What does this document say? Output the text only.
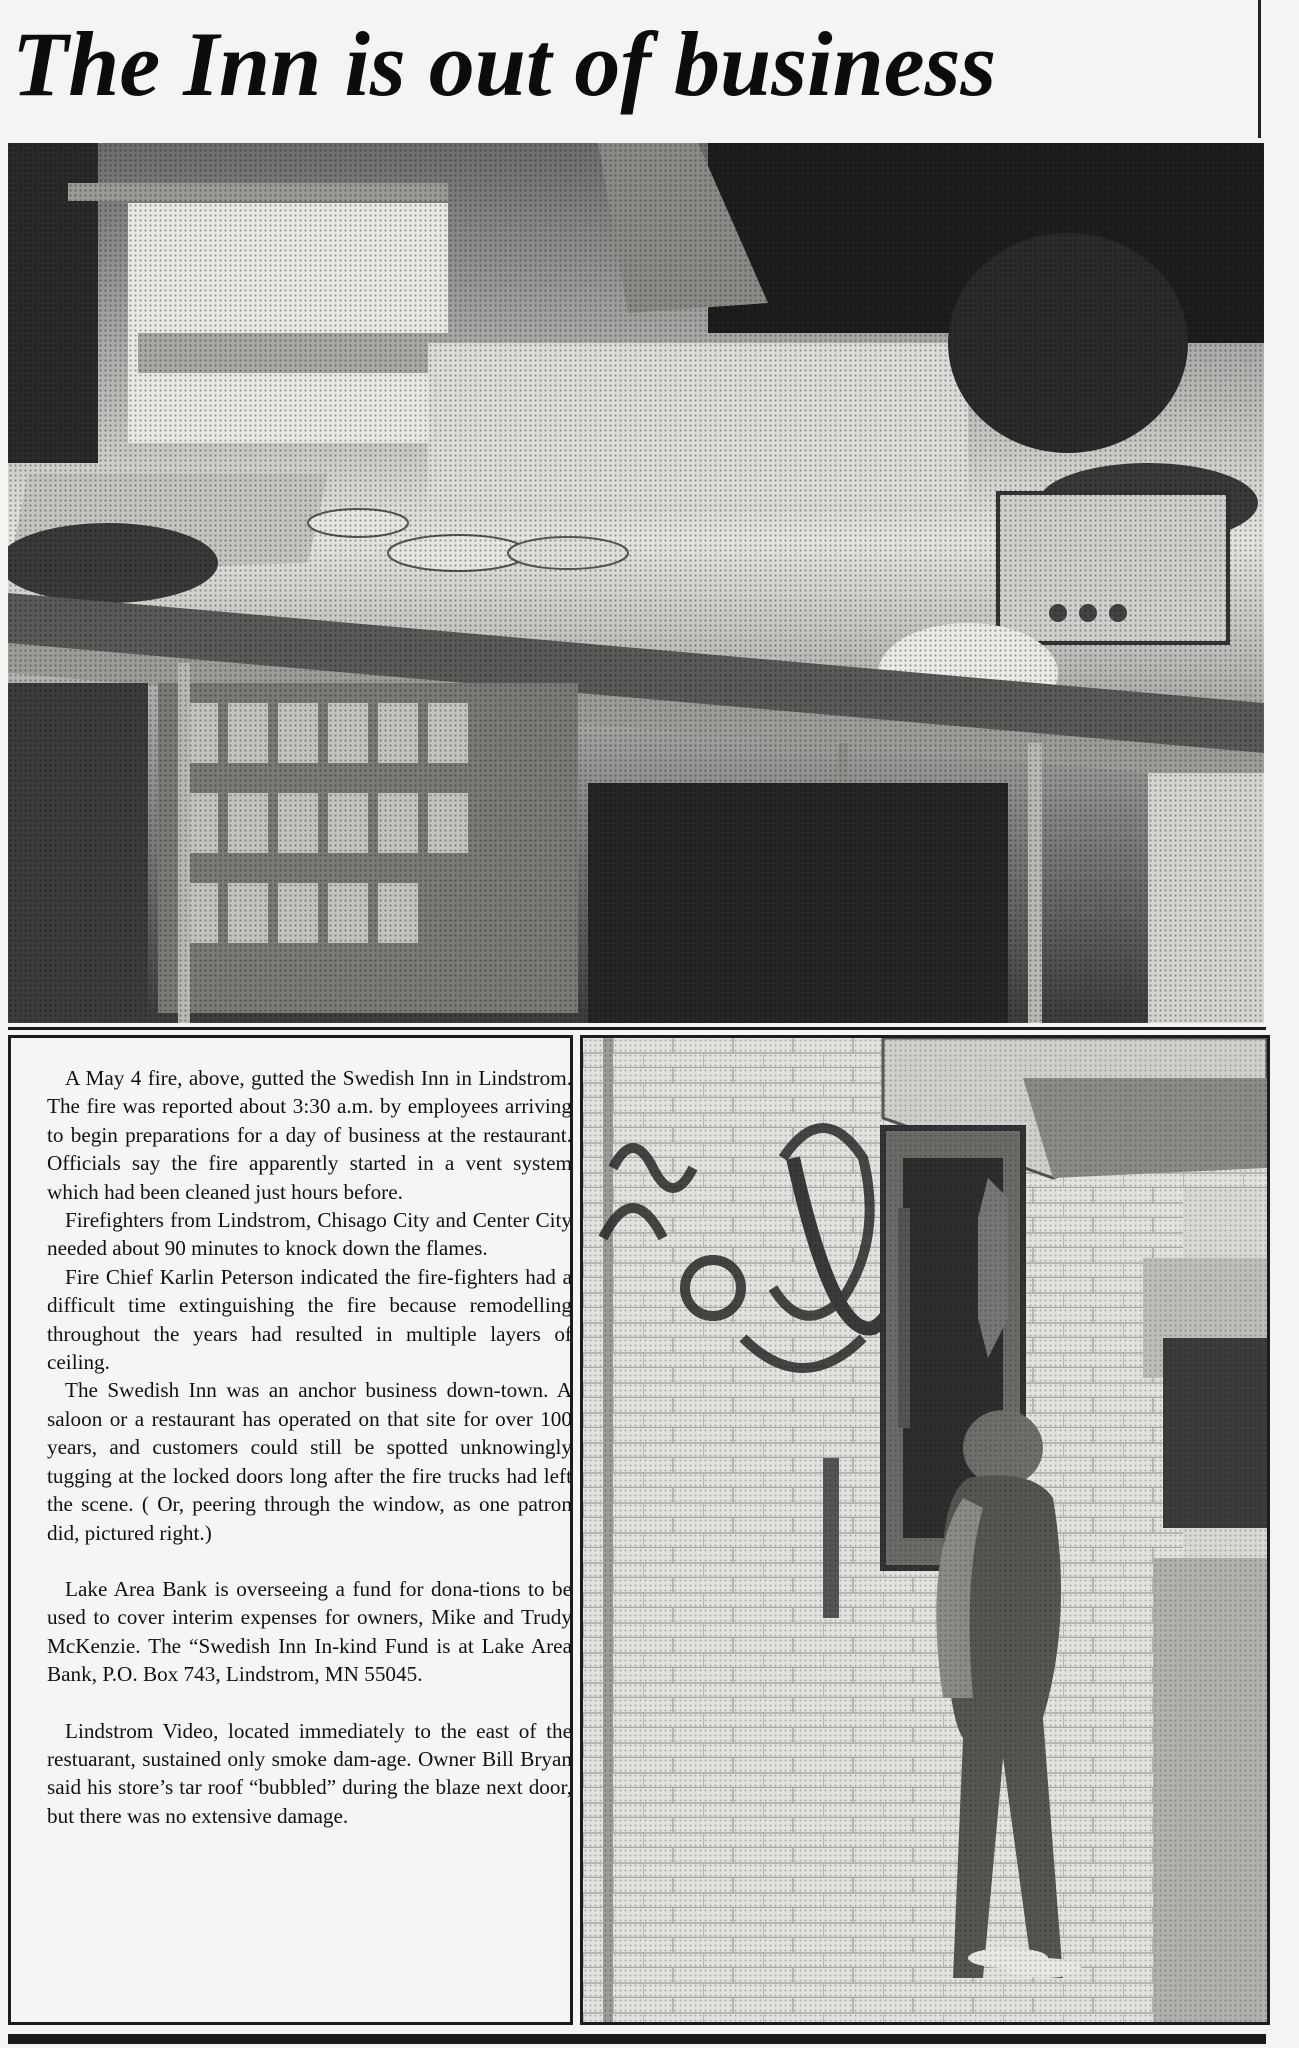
The Inn is out of business

A May 4 fire, above, gutted the Swedish Inn in Lindstrom. The fire was reported about 3:30 a.m. by employees arriving to begin preparations for a day of business at the restaurant. Officials say the fire apparently started in a vent system which had been cleaned just hours before.

Firefighters from Lindstrom, Chisago City and Center City needed about 90 minutes to knock down the flames.

Fire Chief Karlin Peterson indicated the fire-fighters had a difficult time extinguishing the fire because remodelling throughout the years had resulted in multiple layers of ceiling.

The Swedish Inn was an anchor business down-town. A saloon or a restaurant has operated on that site for over 100 years, and customers could still be spotted unknowingly tugging at the locked doors long after the fire trucks had left the scene. ( Or, peering through the window, as one patron did, pictured right.)

Lake Area Bank is overseeing a fund for dona-tions to be used to cover interim expenses for owners, Mike and Trudy McKenzie. The “Swedish Inn In-kind Fund is at Lake Area Bank, P.O. Box 743, Lindstrom, MN 55045.

Lindstrom Video, located immediately to the east of the restuarant, sustained only smoke dam-age. Owner Bill Bryan said his store’s tar roof “bubbled” during the blaze next door, but there was no extensive damage.
